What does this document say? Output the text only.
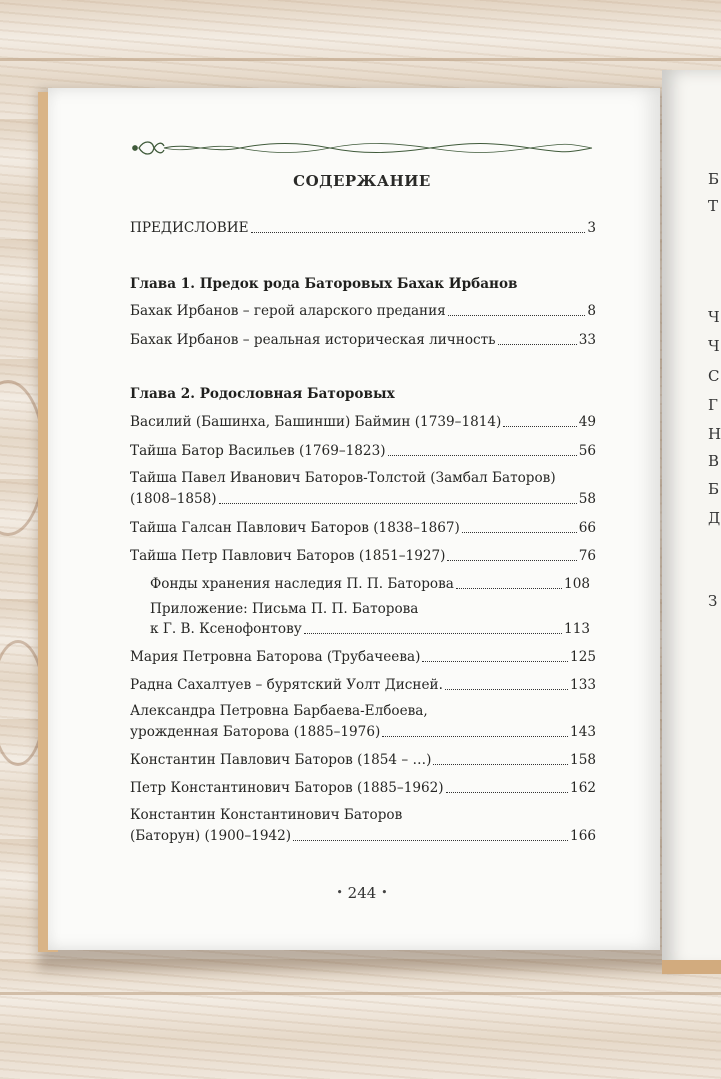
Б
Т
Ч
Ч
С
Г
Н
В
Б
Д
З
СОДЕРЖАНИЕ
ПРЕДИСЛОВИЕ	3
Глава 1. Предок рода Баторовых Бахак Ирбанов
Бахак Ирбанов – герой аларского предания	8
Бахак Ирбанов – реальная историческая личность	33
Глава 2. Родословная Баторовых
Василий (Башинха, Башинши) Баймин (1739–1814)	49
Тайша Батор Васильев (1769–1823)	56
Тайша Павел Иванович Баторов-Толстой (Замбал Баторов)
(1808–1858)	58
Тайша Галсан Павлович Баторов (1838–1867)	66
Тайша Петр Павлович Баторов (1851–1927)	76
Фонды хранения наследия П. П. Баторова	108
Приложение: Письма П. П. Баторова
к Г. В. Ксенофонтову	113
Мария Петровна Баторова (Трубачеева)	125
Радна Сахалтуев – бурятский Уолт Дисней.	133
Александра Петровна Барбаева-Елбоева,
урожденная Баторова (1885–1976)	143
Константин Павлович Баторов (1854 – …)	158
Петр Константинович Баторов (1885–1962)	162
Константин Константинович Баторов
(Баторун) (1900–1942)	166
• 244 •
